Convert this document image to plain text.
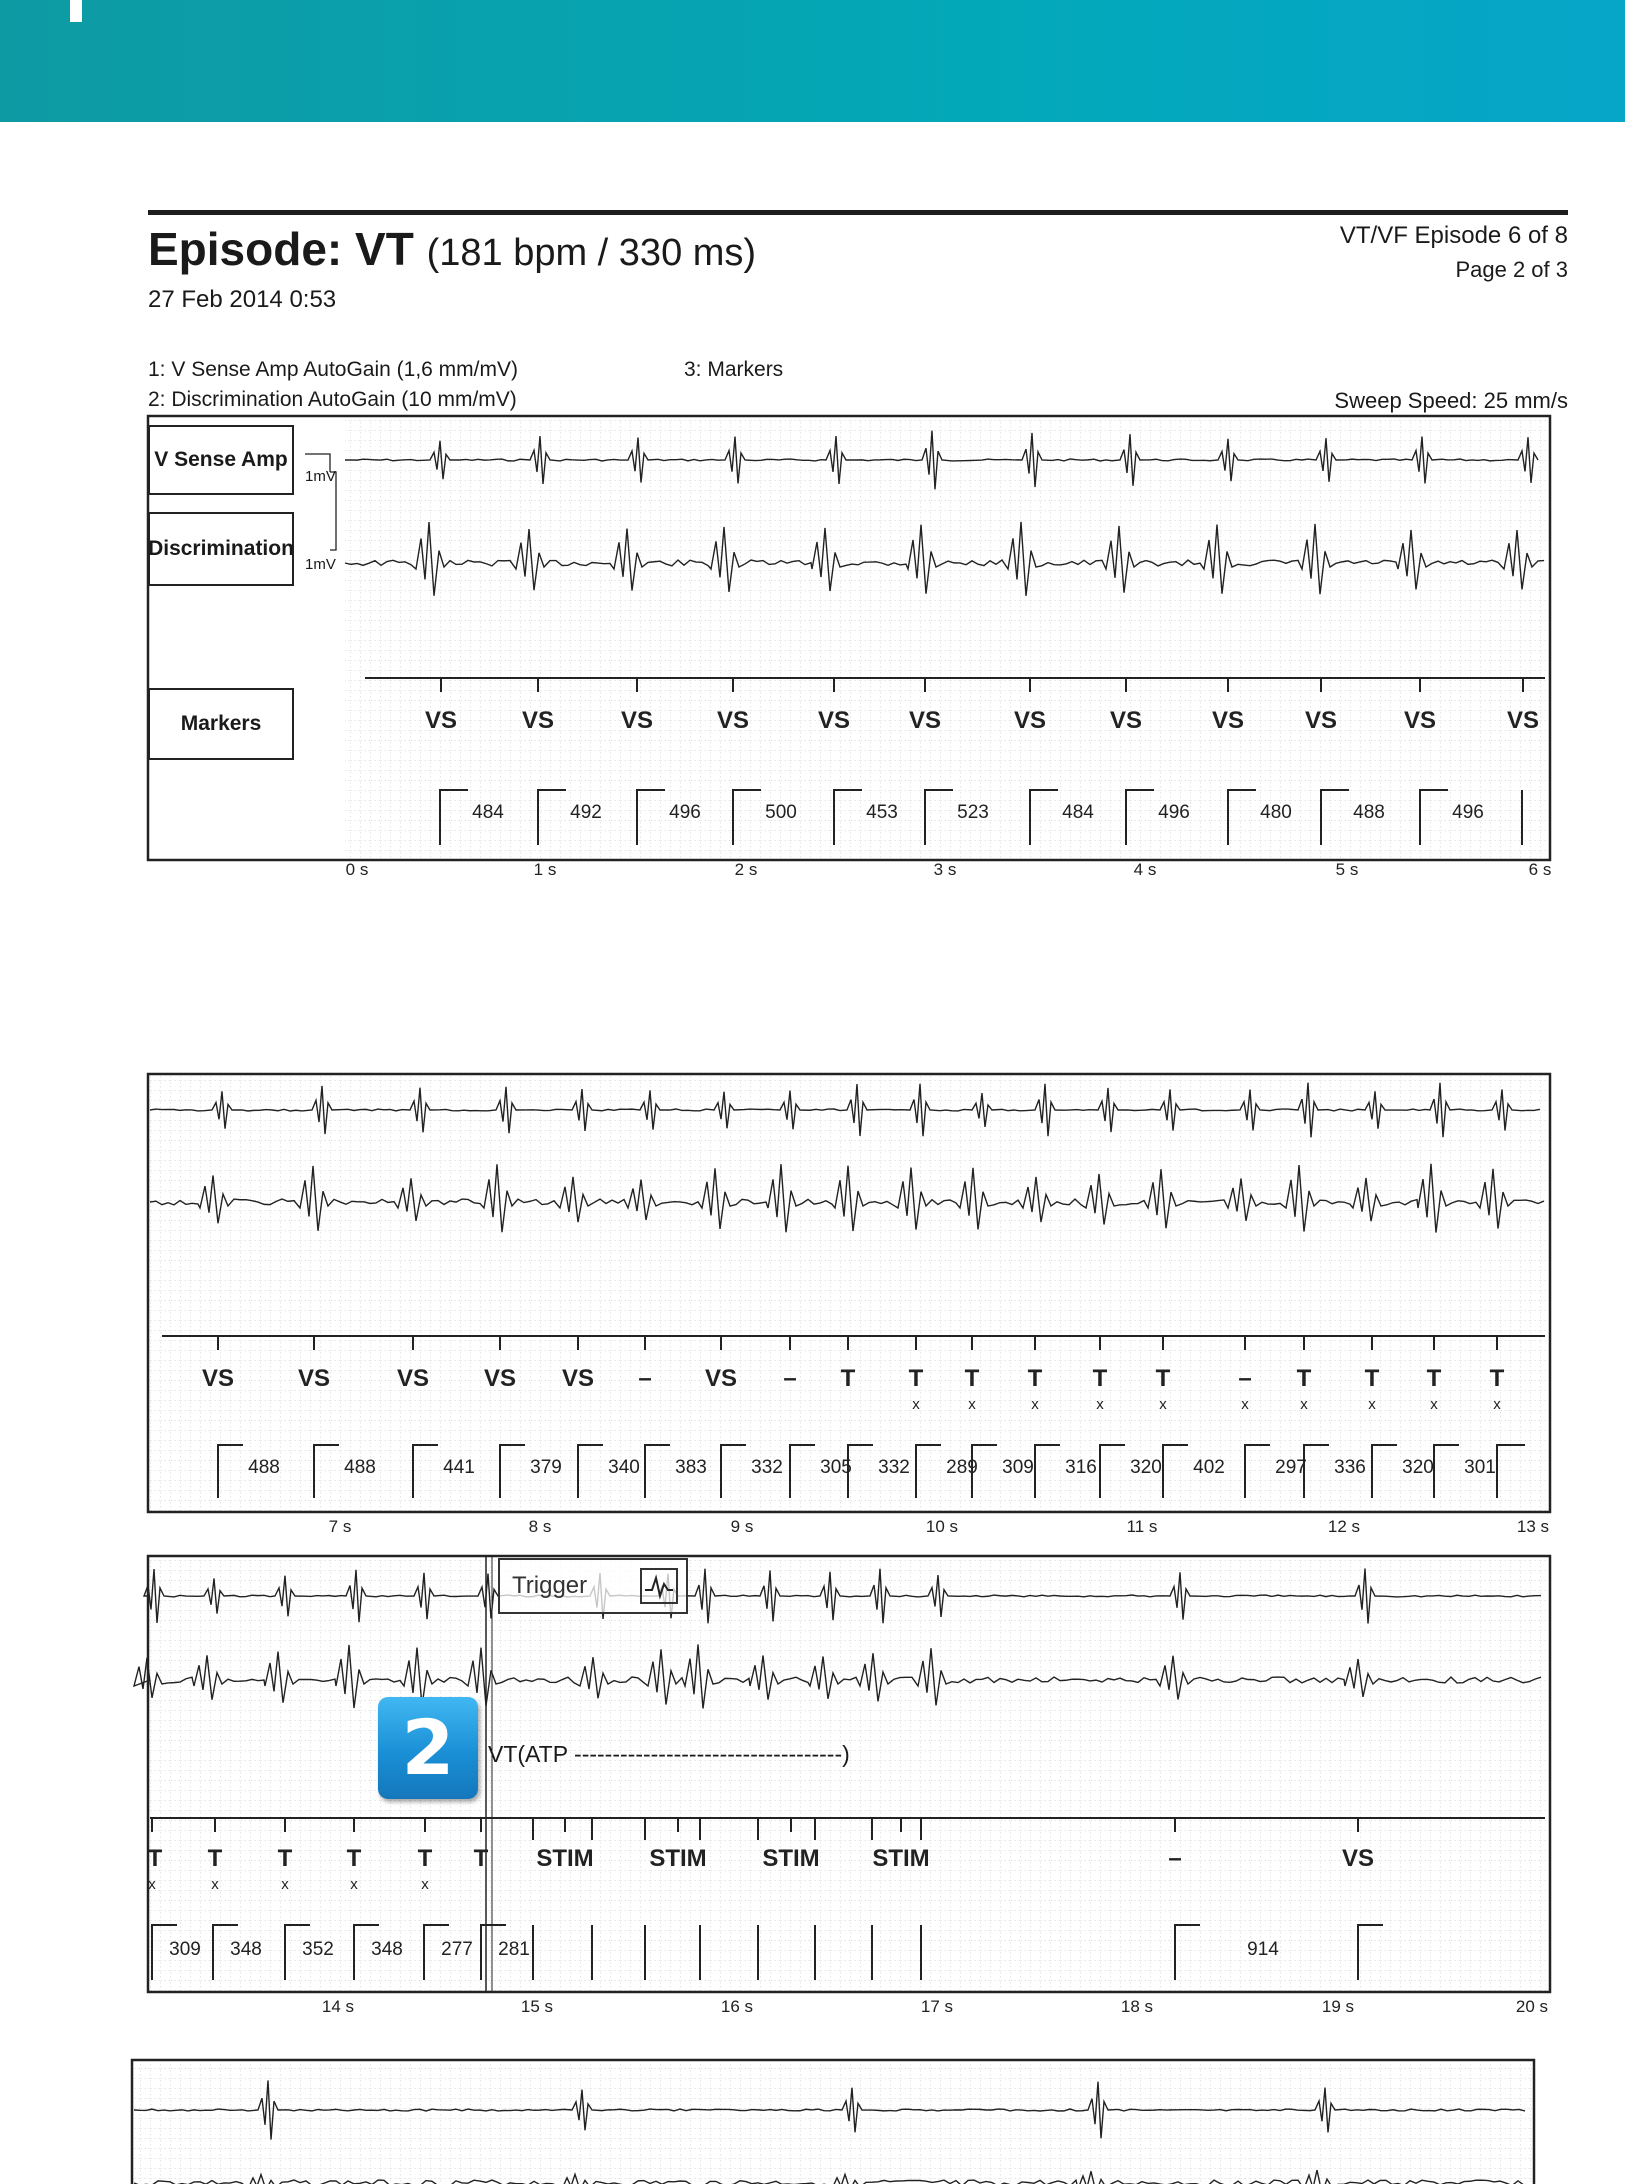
Episode: VT (181 bpm / 330 ms)
27 Feb 2014 0:53
VT/VF Episode 6 of 8
Page 2 of 3
1: V Sense Amp AutoGain (1,6 mm/mV)
2: Discrimination AutoGain (10 mm/mV)
3: Markers
Sweep Speed: 25 mm/s
VS	VS	VS	VS	VS VS	VS	VS	VS	VS	VS	VS
484	492	496	500	453	523	484	496	480	488	496
0 s	1 s	2 s	3 s	4 s	5 s	6 s
V Sense Amp
Discrimination
Markers
1mV
1mV
VS	VS	VS VS VS – VS – T T T T T T	– T T T T
x	x	x	x	x	x	x	x	x	x
488	488	441	379 340 383 332 305 332 289 309 316 320 402	297 336 320 301
7 s	8 s	9 s	10 s	11 s	12 s	13 s
T T T T T T STIM STIM STIM STIM	–	VS
x	x	x	x	x
309 348 352 348 277 281	914
14 s	15 s	16 s	17 s	18 s	19 s	20 s
Trigger
2	VT(ATP -----------------------------------)
